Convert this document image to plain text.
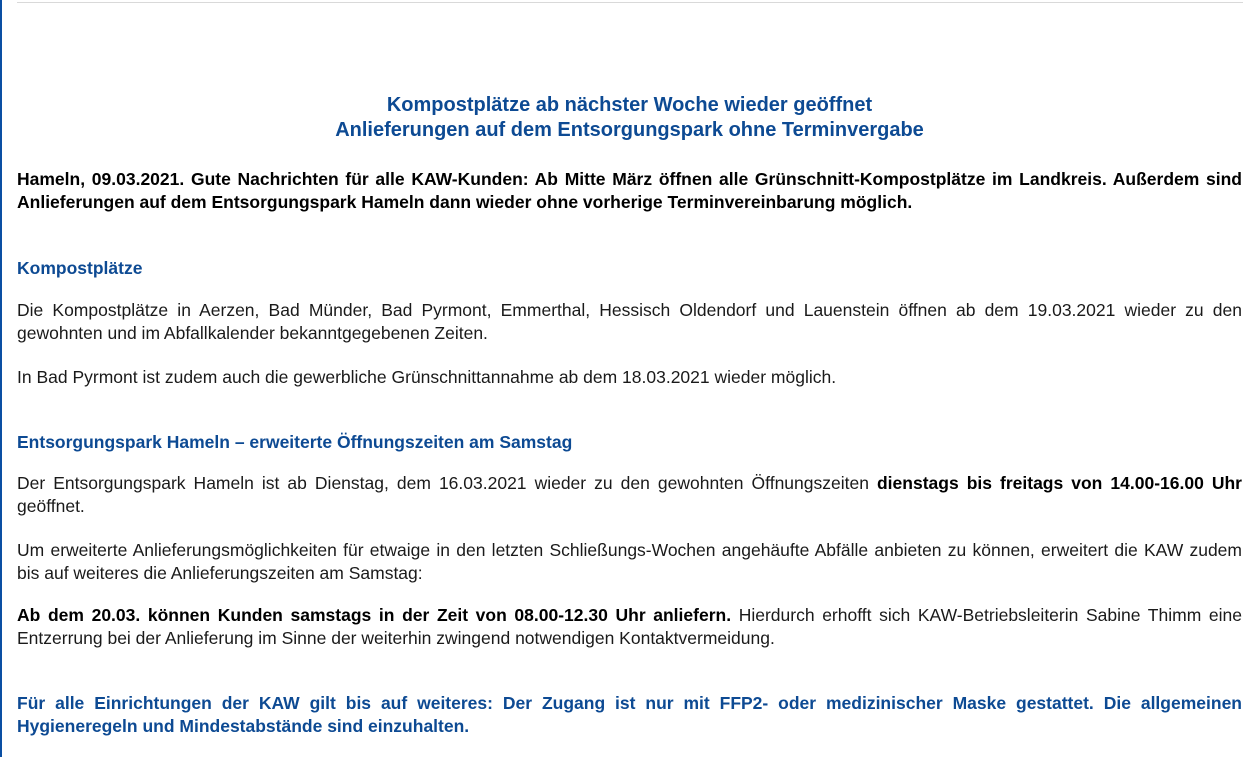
Kompostplätze ab nächster Woche wieder geöffnet
Anlieferungen auf dem Entsorgungspark ohne Terminvergabe

Hameln, 09.03.2021. Gute Nachrichten für alle KAW-Kunden: Ab Mitte März öffnen alle Grünschnitt-Kompostplätze im Landkreis. Außerdem sind Anlieferungen auf dem Entsorgungspark Hameln dann wieder ohne vorherige Terminvereinbarung möglich.

Kompostplätze

Die Kompostplätze in Aerzen, Bad Münder, Bad Pyrmont, Emmerthal, Hessisch Oldendorf und Lauenstein öffnen ab dem 19.03.2021 wieder zu den gewohnten und im Abfallkalender bekanntgegebenen Zeiten.

In Bad Pyrmont ist zudem auch die gewerbliche Grünschnittannahme ab dem 18.03.2021 wieder möglich.

Entsorgungspark Hameln – erweiterte Öffnungszeiten am Samstag

Der Entsorgungspark Hameln ist ab Dienstag, dem 16.03.2021 wieder zu den gewohnten Öffnungszeiten dienstags bis freitags von 14.00-16.00 Uhr geöffnet.

Um erweiterte Anlieferungsmöglichkeiten für etwaige in den letzten Schließungs-Wochen angehäufte Abfälle anbieten zu können, erweitert die KAW zudem bis auf weiteres die Anlieferungszeiten am Samstag:

Ab dem 20.03. können Kunden samstags in der Zeit von 08.00-12.30 Uhr anliefern. Hierdurch erhofft sich KAW-Betriebsleiterin Sabine Thimm eine Entzerrung bei der Anlieferung im Sinne der weiterhin zwingend notwendigen Kontaktvermeidung.

Für alle Einrichtungen der KAW gilt bis auf weiteres: Der Zugang ist nur mit FFP2- oder medizinischer Maske gestattet. Die allgemeinen Hygieneregeln und Mindestabstände sind einzuhalten.
